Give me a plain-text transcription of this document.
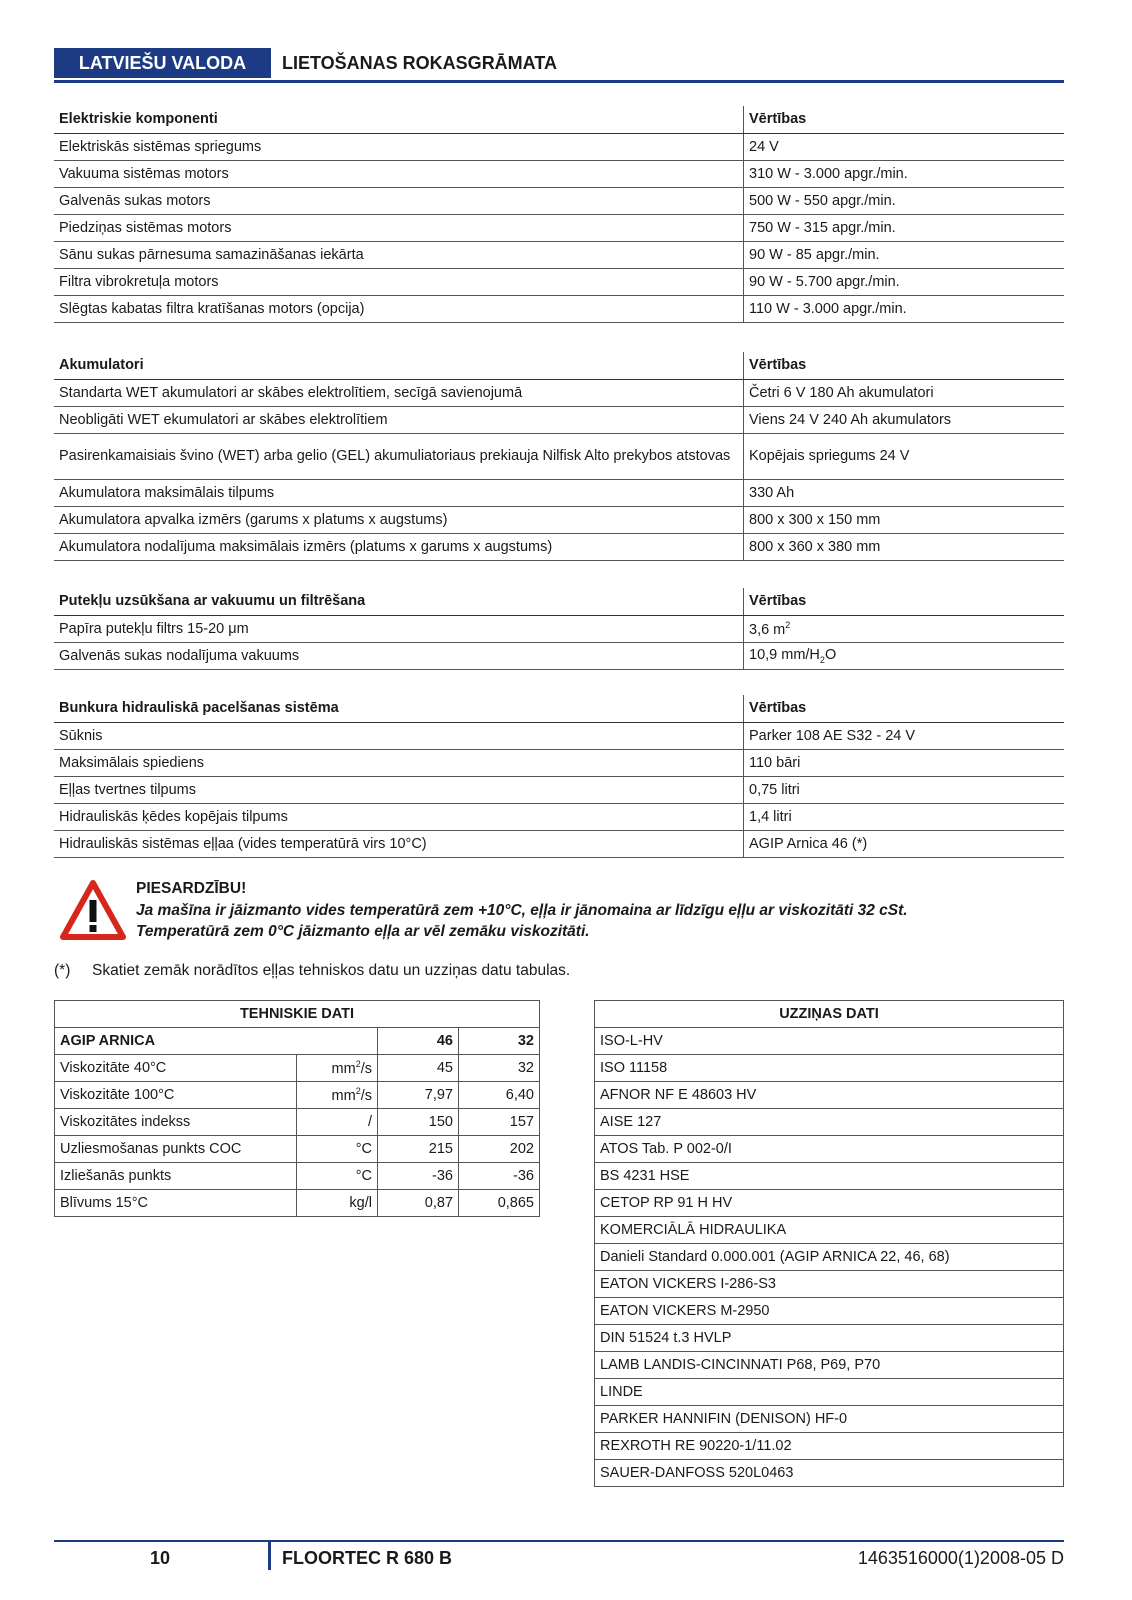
LATVIEŠU VALODA	LIETOŠANAS ROKASGRĀMATA
Elektriskie komponenti	Vērtības
Elektriskās sistēmas spriegums	24 V
Vakuuma sistēmas motors	310 W - 3.000 apgr./min.
Galvenās sukas motors	500 W - 550 apgr./min.
Piedziņas sistēmas motors	750 W - 315 apgr./min.
Sānu sukas pārnesuma samazināšanas iekārta	90 W - 85 apgr./min.
Filtra vibrokretuļa motors	90 W - 5.700 apgr./min.
Slēgtas kabatas filtra kratīšanas motors (opcija)	110 W - 3.000 apgr./min.
Akumulatori	Vērtības
Standarta WET akumulatori ar skābes elektrolītiem, secīgā savienojumā	Četri 6 V 180 Ah akumulatori
Neobligāti WET ekumulatori ar skābes elektrolītiem	Viens 24 V 240 Ah akumulators
Pasirenkamaisiais švino (WET) arba gelio (GEL) akumuliatoriaus prekiauja Nilfisk Alto prekybos atstovas	Kopējais spriegums 24 V
Akumulatora maksimālais tilpums	330 Ah
Akumulatora apvalka izmērs (garums x platums x augstums)	800 x 300 x 150 mm
Akumulatora nodalījuma maksimālais izmērs (platums x garums x augstums)	800 x 360 x 380 mm
Putekļu uzsūkšana ar vakuumu un filtrēšana	Vērtības
Papīra putekļu filtrs 15-20 μm	3,6 $m^2$
Galvenās sukas nodalījuma vakuums	10,9 $mm/H_2O$
Bunkura hidrauliskā pacelšanas sistēma	Vērtības
Sūknis	Parker 108 AE S32 - 24 V
Maksimālais spiediens	110 bāri
Eļļas tvertnes tilpums	0,75 litri
Hidrauliskās ķēdes kopējais tilpums	1,4 litri
Hidrauliskās sistēmas eļļaa (vides temperatūrā virs 10°C)	AGIP Arnica 46 (*)
PIESARDZĪBU!
Ja mašīna ir jāizmanto vides temperatūrā zem +10°C, eļļa ir jānomaina ar līdzīgu eļļu ar viskozitāti 32 cSt.
Temperatūrā zem 0°C jāizmanto eļļa ar vēl zemāku viskozitāti.
(*) Skatiet zemāk norādītos eļļas tehniskos datu un uzziņas datu tabulas.
TEHNISKIE DATI			
AGIP ARNICA		46	32
Viskozitāte 40°C	$mm^2/s$	45	32
Viskozitāte 100°C	$mm^2/s$	7,97	6,40
Viskozitātes indekss	/	150	157
Uzliesmošanas punkts COC	°C	215	202
Izliešanās punkts	°C	-36	-36
Blīvums 15°C	kg/l	0,87	0,865
UZZIŅAS DATI
ISO-L-HV
ISO 11158
AFNOR NF E 48603 HV
AISE 127
ATOS Tab. P 002-0/I
BS 4231 HSE
CETOP RP 91 H HV
KOMERCIĀLĀ HIDRAULIKA
Danieli Standard 0.000.001 (AGIP ARNICA 22, 46, 68)
EATON VICKERS I-286-S3
EATON VICKERS M-2950
DIN 51524 t.3 HVLP
LAMB LANDIS-CINCINNATI P68, P69, P70
LINDE
PARKER HANNIFIN (DENISON) HF-0
REXROTH RE 90220-1/11.02
SAUER-DANFOSS 520L0463
10	FLOORTEC R 680 B	1463516000(1)2008-05 D
